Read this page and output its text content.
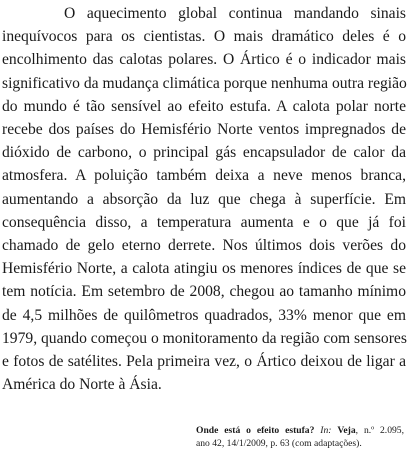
O aquecimento global continua mandando sinais
inequívocos para os cientistas. O mais dramático deles é o
encolhimento das calotas polares. O Ártico é o indicador mais
significativo da mudança climática porque nenhuma outra região
do mundo é tão sensível ao efeito estufa. A calota polar norte
recebe dos países do Hemisfério Norte ventos impregnados de
dióxido de carbono, o principal gás encapsulador de calor da
atmosfera. A poluição também deixa a neve menos branca,
aumentando a absorção da luz que chega à superfície. Em
consequência disso, a temperatura aumenta e o que já foi
chamado de gelo eterno derrete. Nos últimos dois verões do
Hemisfério Norte, a calota atingiu os menores índices de que se
tem notícia. Em setembro de 2008, chegou ao tamanho mínimo
de 4,5 milhões de quilômetros quadrados, 33% menor que em
1979, quando começou o monitoramento da região com sensores
e fotos de satélites. Pela primeira vez, o Ártico deixou de ligar a
América do Norte à Ásia.

Onde está o efeito estufa? In: Veja, n.º 2.095,
ano 42, 14/1/2009, p. 63 (com adaptações).
